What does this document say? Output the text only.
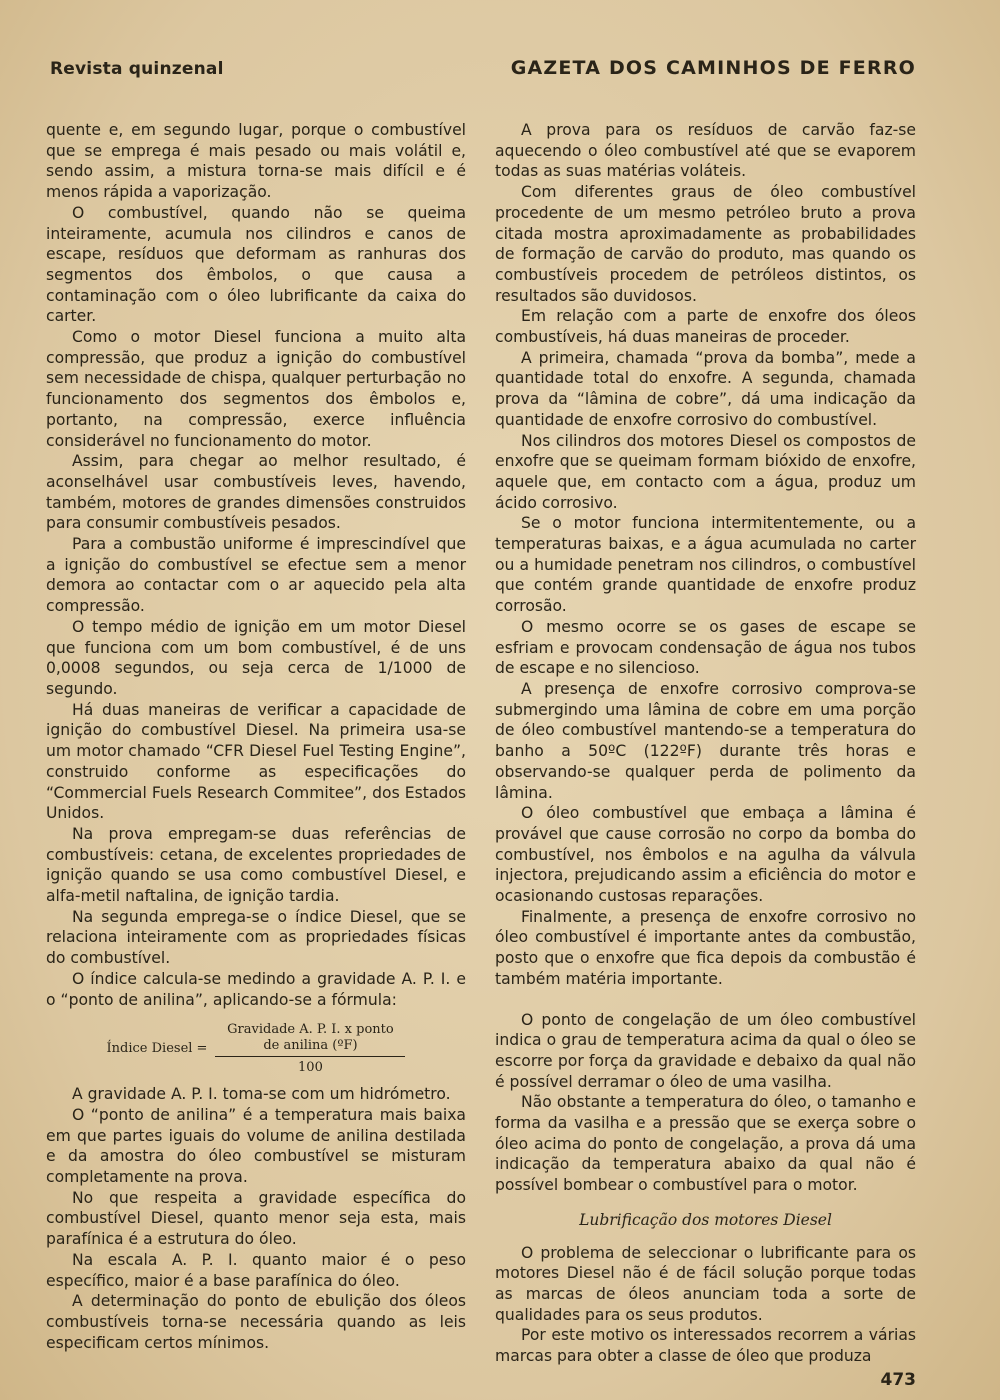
Revista quinzenal	GAZETA DOS CAMINHOS DE FERRO

quente e, em segundo lugar, porque o combustível que se emprega é mais pesado ou mais volátil e, sendo assim, a mistura torna-se mais difícil e é menos rápida a vaporização.

O combustível, quando não se queima inteiramente, acumula nos cilindros e canos de escape, resíduos que deformam as ranhuras dos segmentos dos êmbolos, o que causa a contaminação com o óleo lubrificante da caixa do carter.

Como o motor Diesel funciona a muito alta compressão, que produz a ignição do combustível sem necessidade de chispa, qualquer perturbação no funcionamento dos segmentos dos êmbolos e, portanto, na compressão, exerce influência considerável no funcionamento do motor.

Assim, para chegar ao melhor resultado, é aconselhável usar combustíveis leves, havendo, também, motores de grandes dimensões construidos para consumir combustíveis pesados.

Para a combustão uniforme é imprescindível que a ignição do combustível se efectue sem a menor demora ao contactar com o ar aquecido pela alta compressão.

O tempo médio de ignição em um motor Diesel que funciona com um bom combustível, é de uns 0,0008 segundos, ou seja cerca de 1/1000 de segundo.

Há duas maneiras de verificar a capacidade de ignição do combustível Diesel. Na primeira usa-se um motor chamado “CFR Diesel Fuel Testing Engine”, construido conforme as especificações do “Commercial Fuels Research Commitee”, dos Estados Unidos.

Na prova empregam-se duas referências de combustíveis: cetana, de excelentes propriedades de ignição quando se usa como combustível Diesel, e alfa-metil naftalina, de ignição tardia.

Na segunda emprega-se o índice Diesel, que se relaciona inteiramente com as propriedades físicas do combustível.

O índice calcula-se medindo a gravidade A. P. I. e o “ponto de anilina”, aplicando-se a fórmula:

Índice Diesel =
Gravidade A. P. I. x ponto
de anilina (ºF)
100

A gravidade A. P. I. toma-se com um hidrómetro.

O “ponto de anilina” é a temperatura mais baixa em que partes iguais do volume de anilina destilada e da amostra do óleo combustível se misturam completamente na prova.

No que respeita a gravidade específica do combustível Diesel, quanto menor seja esta, mais parafínica é a estrutura do óleo.

Na escala A. P. I. quanto maior é o peso específico, maior é a base parafínica do óleo.

A determinação do ponto de ebulição dos óleos combustíveis torna-se necessária quando as leis especificam certos mínimos.

A prova para os resíduos de carvão faz-se aquecendo o óleo combustível até que se evaporem todas as suas matérias voláteis.

Com diferentes graus de óleo combustível procedente de um mesmo petróleo bruto a prova citada mostra aproximadamente as probabilidades de formação de carvão do produto, mas quando os combustíveis procedem de petróleos distintos, os resultados são duvidosos.

Em relação com a parte de enxofre dos óleos combustíveis, há duas maneiras de proceder.

A primeira, chamada “prova da bomba”, mede a quantidade total do enxofre. A segunda, chamada prova da “lâmina de cobre”, dá uma indicação da quantidade de enxofre corrosivo do combustível.

Nos cilindros dos motores Diesel os compostos de enxofre que se queimam formam bióxido de enxofre, aquele que, em contacto com a água, produz um ácido corrosivo.

Se o motor funciona intermitentemente, ou a temperaturas baixas, e a água acumulada no carter ou a humidade penetram nos cilindros, o combustível que contém grande quantidade de enxofre produz corrosão.

O mesmo ocorre se os gases de escape se esfriam e provocam condensação de água nos tubos de escape e no silencioso.

A presença de enxofre corrosivo comprova-se submergindo uma lâmina de cobre em uma porção de óleo combustível mantendo-se a temperatura do banho a 50ºC (122ºF) durante três horas e observando-se qualquer perda de polimento da lâmina.

O óleo combustível que embaça a lâmina é provável que cause corrosão no corpo da bomba do combustível, nos êmbolos e na agulha da válvula injectora, prejudicando assim a eficiência do motor e ocasionando custosas reparações.

Finalmente, a presença de enxofre corrosivo no óleo combustível é importante antes da combustão, posto que o enxofre que fica depois da combustão é também matéria importante.

O ponto de congelação de um óleo combustível indica o grau de temperatura acima da qual o óleo se escorre por força da gravidade e debaixo da qual não é possível derramar o óleo de uma vasilha.

Não obstante a temperatura do óleo, o tamanho e forma da vasilha e a pressão que se exerça sobre o óleo acima do ponto de congelação, a prova dá uma indicação da temperatura abaixo da qual não é possível bombear o combustível para o motor.

Lubrificação dos motores Diesel

O problema de seleccionar o lubrificante para os motores Diesel não é de fácil solução porque todas as marcas de óleos anunciam toda a sorte de qualidades para os seus produtos.

Por este motivo os interessados recorrem a várias marcas para obter a classe de óleo que produza

473
